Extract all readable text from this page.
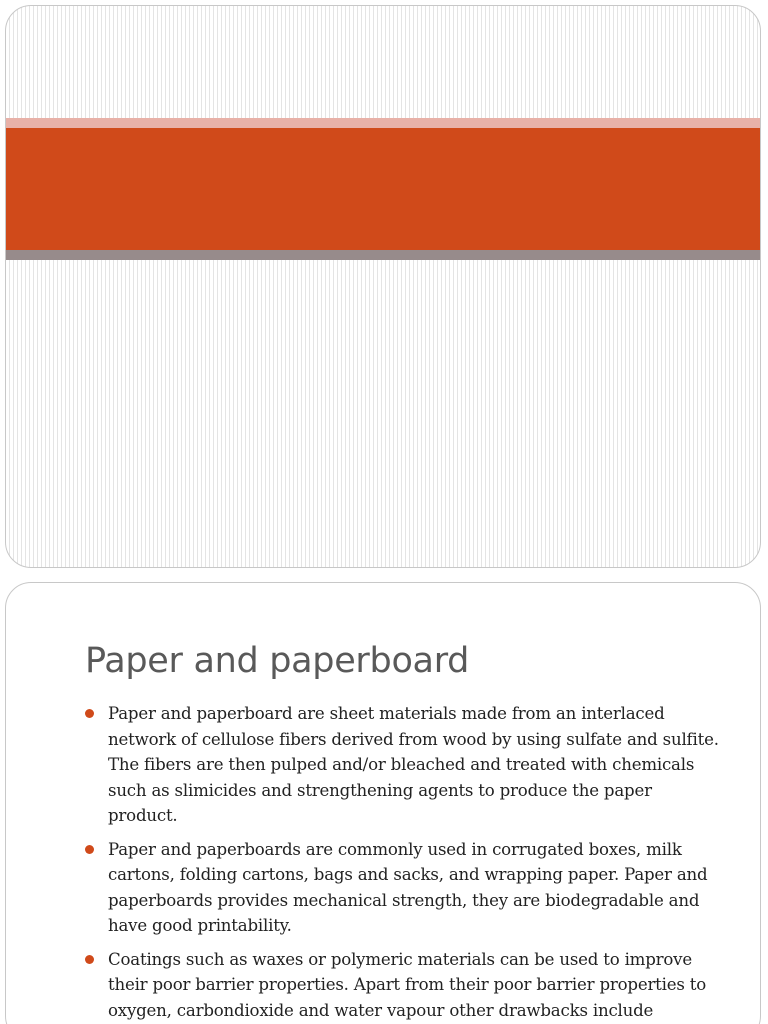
Paper and paperboard
Paper and paperboard are sheet materials made from an interlaced network of cellulose fibers derived from wood by using sulfate and sulfite. The fibers are then pulped and/or bleached and treated with chemicals such as slimicides and strengthening agents to produce the paper product.
Paper and paperboards are commonly used in corrugated boxes, milk cartons, folding cartons, bags and sacks, and wrapping paper. Paper and paperboards provides mechanical strength, they are biodegradable and have good printability.
Coatings such as waxes or polymeric materials can be used to improve their poor barrier properties. Apart from their poor barrier properties to oxygen, carbondioxide and water vapour other drawbacks include
